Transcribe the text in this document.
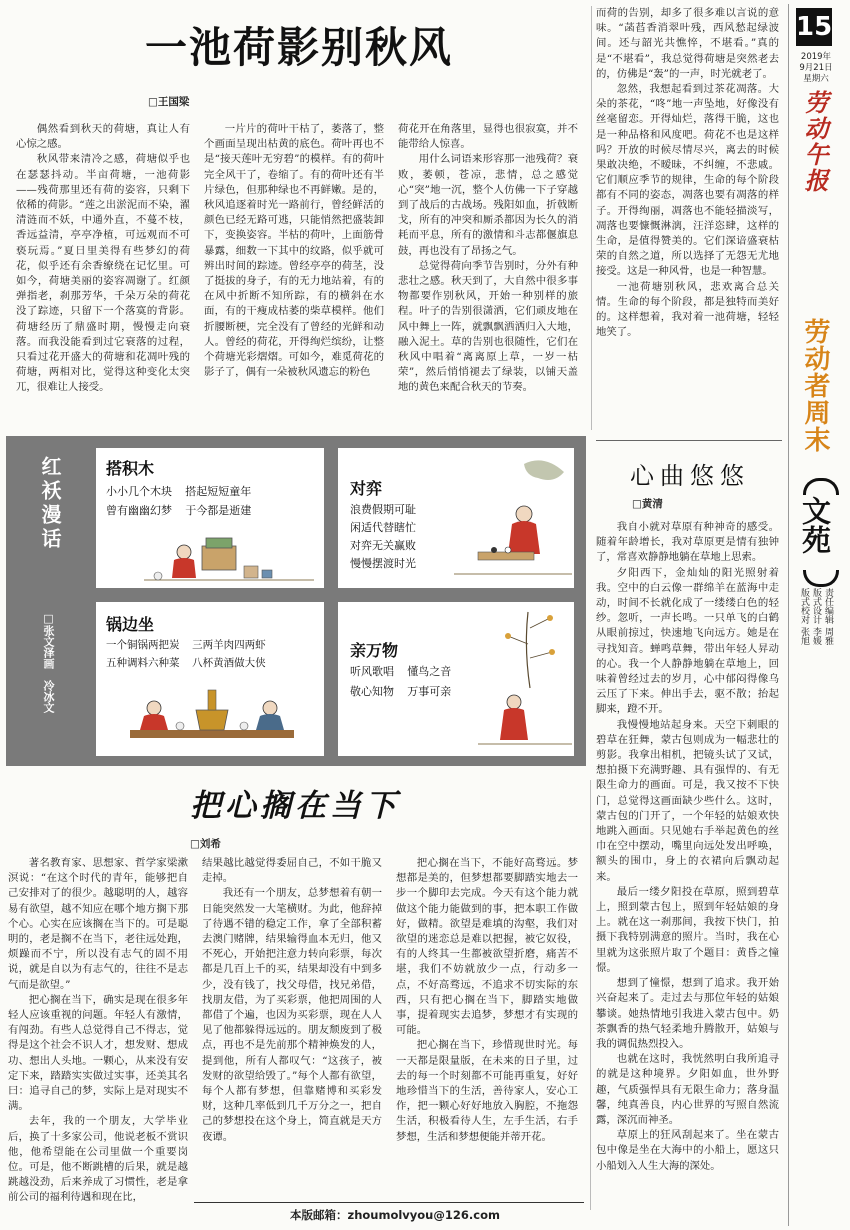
15
2019年
9月21日
星期六
劳动午报
劳动者周末
文苑
责任编辑 周雅
版式设计 李媛
版式校对 张旭
一池荷影别秋风
□王国梁

偶然看到秋天的荷塘，真让人有心惊之感。

秋风带来清冷之感，荷塘似乎也在瑟瑟抖动。半亩荷塘，一池荷影——残荷那里还有荷的姿容，只剩下依稀的荷影。“莲之出淤泥而不染，濯清涟而不妖，中通外直，不蔓不枝，香远益清，亭亭净植，可远观而不可亵玩焉。”夏日里美得有些梦幻的荷花，似乎还有余香缭绕在记忆里。可如今，荷塘美丽的姿容凋谢了。红颜弹指老，刹那芳华，千朵万朵的荷花没了踪迹，只留下一个落寞的背影。荷塘经历了鼎盛时期，慢慢走向衰落。而我没能看到过它衰落的过程，只看过花开盛大的荷塘和花凋叶残的荷塘，两相对比，觉得这种变化太突兀，很难让人接受。

一片片的荷叶干枯了，萎落了，整个画面呈现出枯黄的底色。荷叶再也不是“接天莲叶无穷碧”的模样。有的荷叶完全风干了，卷缩了。有的荷叶还有半片绿色，但那种绿也不再鲜嫩。是的，秋风追逐着时光一路前行，曾经鲜活的颜色已经无路可逃，只能悄然把盛装卸下，变换姿容。半枯的荷叶，上面筋骨暴露，细数一下其中的纹路，似乎就可辨出时间的踪迹。曾经亭亭的荷茎，没了挺拔的身子，有的无力地站着，有的在风中折断不知所踪，有的横斜在水面，有的干瘦成枯萎的柴草模样。他们折腰断梗，完全没有了曾经的光鲜和动人。曾经的荷花，开得绚烂缤纷，让整个荷塘光彩熠熠。可如今，难觅荷花的影子了，偶有一朵被秋风遗忘的粉色

荷花开在角落里，显得也很寂寞，并不能带给人惊喜。

用什么词语来形容那一池残荷？衰败，萎顿，苍凉，悲情，总之感觉心“突”地一沉，整个人仿佛一下子穿越到了战后的古战场。残阳如血，折戟断戈，所有的冲突和厮杀都因为长久的消耗而平息，所有的激情和斗志都偃旗息鼓，再也没有了昂扬之气。

总觉得荷向季节告别时，分外有种悲壮之感。秋天到了，大自然中很多事物都要作别秋风，开始一种别样的旅程。叶子的告别很潇洒，它们顽皮地在风中舞上一阵，就飘飘洒洒归入大地，融入泥土。草的告别也很随性，它们在秋风中唱着“离离原上草，一岁一枯荣”，然后悄悄褪去了绿装，以铺天盖地的黄色来配合秋天的节奏。

而荷的告别，却多了很多难以言说的意味。“菡萏香消翠叶残，西风愁起绿波间。还与韶光共憔悴，不堪看。”真的是“不堪看”，我总觉得荷塘是突然老去的，仿佛是“轰”的一声，时光就老了。

忽然，我想起看到过茶花凋落。大朵的茶花，“咚”地一声坠地，好像没有丝毫留恋。开得灿烂，落得干脆，这也是一种品格和风度吧。荷花不也是这样吗？开放的时候尽情尽兴，离去的时候果敢决绝，不暧昧，不纠缠，不悲戚。它们顺应季节的规律，生命的每个阶段都有不同的姿态，凋落也要有凋落的样子。开得绚丽，凋落也不能轻描淡写，凋落也要慷慨淋漓，汪洋恣肆，这样的生命，是值得赞美的。它们深谙盛衰枯荣的自然之道，所以选择了无怨无尤地接受。这是一种风骨，也是一种智慧。

一池荷塘别秋风，悲欢离合总关情。生命的每个阶段，都是独特而美好的。这样想着，我对着一池荷塘，轻轻地笑了。

红袄漫话
□张文泽画　冷冰文
搭积木
小小几个木块  搭起短短童年
曾有幽幽幻梦  于今都是逝建
对弈
浪费假期可耻
闲适代替瞎忙
对弈无关赢败
慢慢摆渡时光
锅边坐
一个铜锅两把炭  三两羊肉四两虾
五种调料六种菜  八杯黄酒做大侠
亲万物
听风歌唱  懂鸟之音
敬心知物  万事可亲
把心搁在当下
□刘希

著名教育家、思想家、哲学家梁漱溟说：“在这个时代的青年，能够把自己安排对了的很少。越聪明的人，越容易有欲望，越不知应在哪个地方搁下那个心。心实在应该搁在当下的。可是聪明的，老是搁不在当下，老往远处跑，烦躁而不宁，所以没有志气的固不用说，就是自以为有志气的，往往不是志气而是欲望。”

把心搁在当下，确实是现在很多年轻人应该重视的问题。年轻人有激情，有闯劲。有些人总觉得自己不得志，觉得是这个社会不识人才，想发财、想成功、想出人头地。一颗心，从来没有安定下来，踏踏实实做过实事，还美其名曰：追寻自己的梦，实际上是对现实不满。

去年，我的一个朋友，大学毕业后，换了十多家公司，他说老板不赏识他，他希望能在公司里做一个重要岗位。可是，他不断跳槽的后果，就是越跳越没劲，后来养成了习惯性，老是拿前公司的福利待遇和现在比，

结果越比越觉得委屈自己，不如干脆又走掉。

我还有一个朋友，总梦想着有朝一日能突然发一大笔横财。为此，他辞掉了待遇不错的稳定工作，拿了全部积蓄去澳门赌牌，结果输得血本无归，他又不死心，开始把注意力转向彩票，每次都是几百上千的买，结果却没有中到多少，没有钱了，找父母借，找兄弟借，找朋友借，为了买彩票，他把周围的人都借了个遍，也因为买彩票，现在人人见了他都躲得远远的。朋友颓废到了极点，再也不是先前那个精神焕发的人，提到他，所有人都叹气：“这孩子，被发财的欲望给毁了。”每个人都有欲望，每个人都有梦想，但靠赌博和买彩发财，这种几率低到几千万分之一，把自己的梦想投在这个身上，简直就是天方夜谭。

把心搁在当下，不能好高骛远。梦想都是美的，但梦想都要脚踏实地去一步一个脚印去完成。今天有这个能力就做这个能力能做到的事，把本职工作做好，做精。欲望是难填的沟壑，我们对欲望的迷恋总是难以把握，被它奴役，有的人终其一生都被欲望折磨，痛苦不堪，我们不妨就放少一点，行动多一点，不好高骛远，不追求不切实际的东西，只有把心搁在当下，脚踏实地做事，提着现实去追梦，梦想才有实现的可能。

把心搁在当下，珍惜现世时光。每一天都是限量版，在未来的日子里，过去的每一个时刻都不可能再重复，好好地珍惜当下的生活，善待家人，安心工作，把一颗心好好地放入胸腔，不拖怨生活，积极看待人生，左手生活，右手梦想，生活和梦想便能并蒂开花。

心曲悠悠
□黄清

我自小就对草原有种神奇的感受。随着年龄增长，我对草原更是情有独钟了，常喜欢静静地躺在草地上思索。

夕阳西下，金灿灿的阳光照射着我。空中的白云像一群绵羊在蓝海中走动，时间不长就化成了一缕缕白色的轻纱。忽听，一声长鸣。一只单飞的白鹤从眼前掠过，快速地飞向远方。她是在寻找知音。蝉鸣草舞，带出年轻人昇动的心。我一个人静静地躺在草地上，回味着曾经过去的岁月，心中郁闷得像乌云压了下来。伸出手去，驱不散；抬起脚来，蹬不开。

我慢慢地站起身来。天空下刺眼的碧草在狂舞，蒙古包则成为一幅悲壮的剪影。我拿出相机，把镜头试了又试，想拍摄下充满野趣、具有强悍的、有无限生命力的画面。可是，我又按不下快门，总觉得这画面缺少些什么。这时，蒙古包的门开了，一个年轻的姑娘欢快地跳入画面。只见她右手举起黄色的丝巾在空中摆动，嘴里向远处发出呼唤，额头的围巾，身上的衣裙向后飘动起来。

最后一缕夕阳投在草原，照到碧草上，照到蒙古包上，照到年轻姑娘的身上。就在这一刹那间，我按下快门，拍摄下我特别满意的照片。当时，我在心里就为这张照片取了个题目：黄昏之憧憬。

想到了憧憬，想到了追求。我开始兴奋起来了。走过去与那位年轻的姑娘攀谈。她热情地引我进入蒙古包中。奶茶飘香的热气轻柔地升腾散开，姑娘与我的调侃热烈投入。

也就在这时，我恍然明白我所追寻的就是这种境界。夕阳如血，世外野趣，气质强悍具有无限生命力；落身温馨，纯真善良，内心世界的写照自然流露，深沉而神圣。

草原上的狂风刮起来了。坐在蒙古包中像是坐在大海中的小船上，愿这只小船划入人生大海的深处。

本版邮箱：zhoumolvyou@126.com
